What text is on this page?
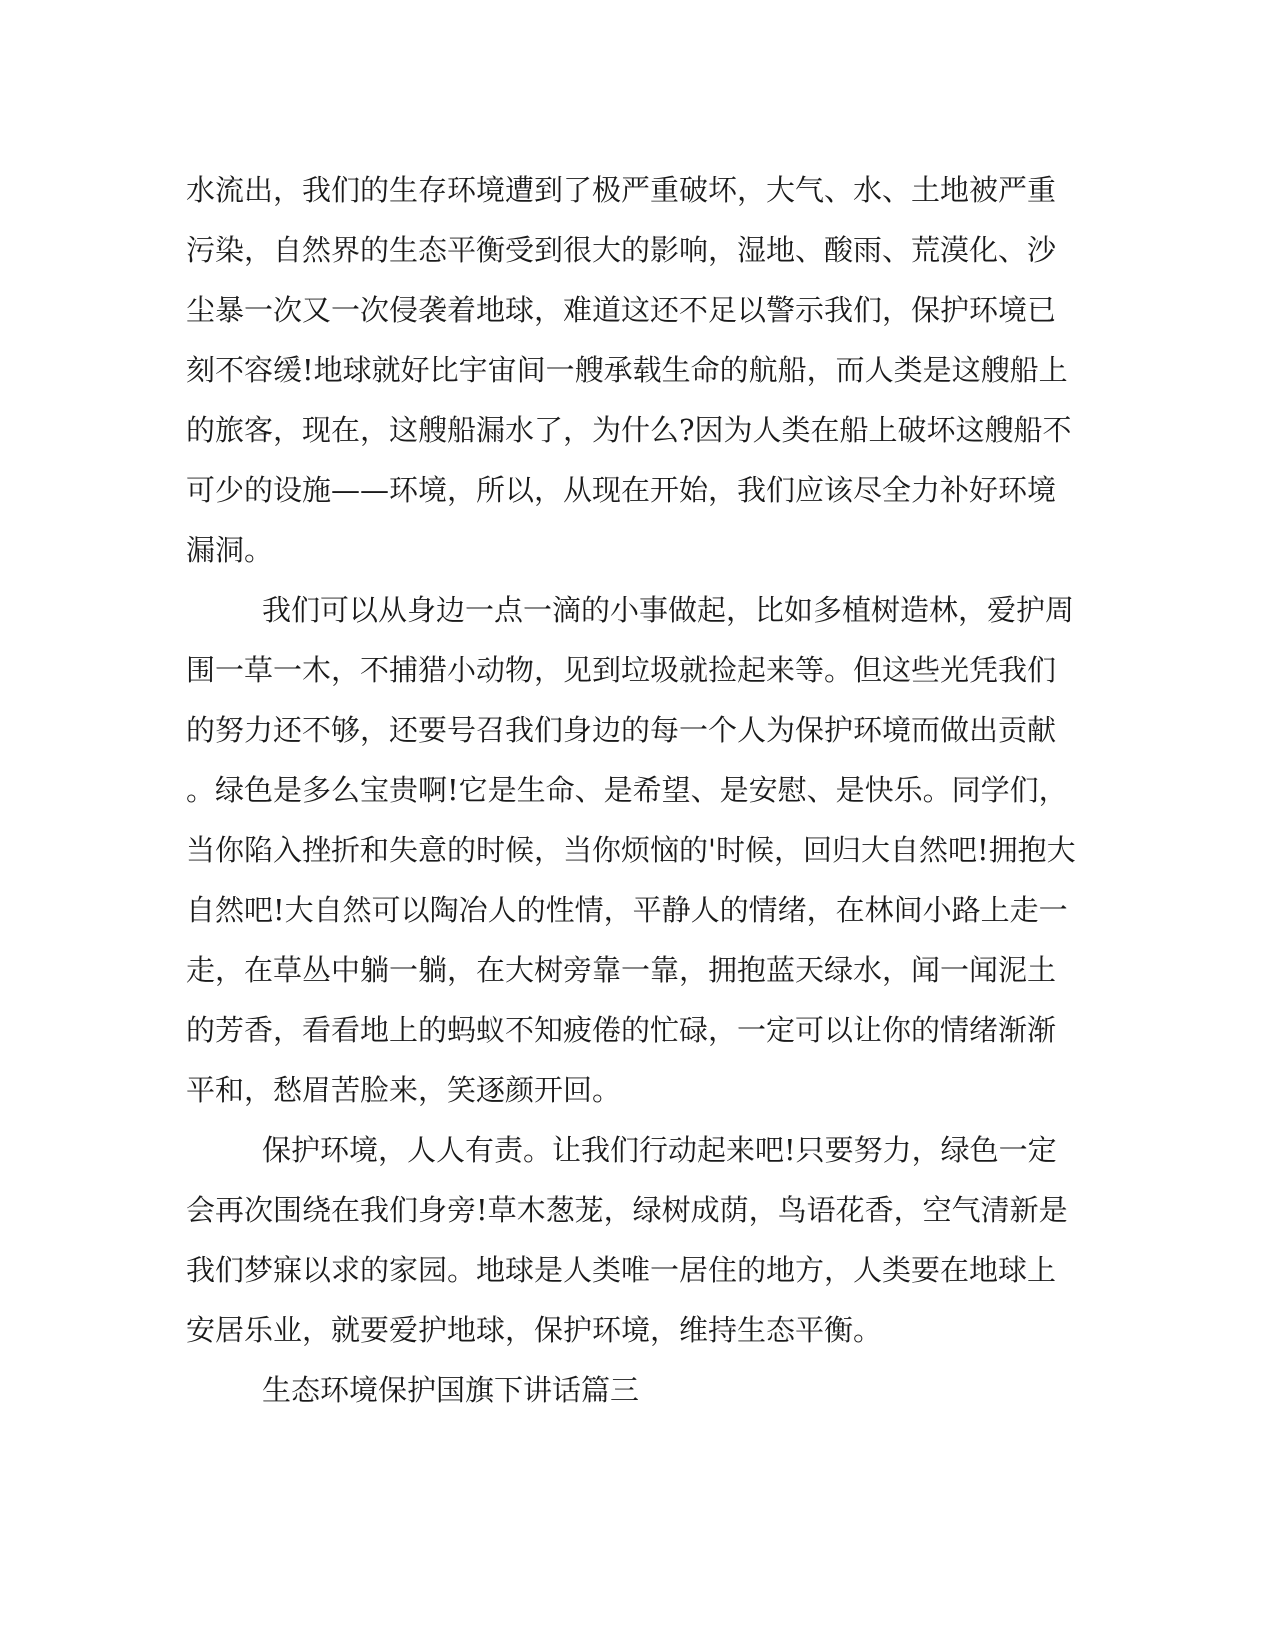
水流出，我们的生存环境遭到了极严重破坏，大气、水、土地被严重
污染，自然界的生态平衡受到很大的影响，湿地、酸雨、荒漠化、沙
尘暴一次又一次侵袭着地球，难道这还不足以警示我们，保护环境已
刻不容缓!地球就好比宇宙间一艘承载生命的航船，而人类是这艘船上
的旅客，现在，这艘船漏水了，为什么?因为人类在船上破坏这艘船不
可少的设施——环境，所以，从现在开始，我们应该尽全力补好环境
漏洞。
我们可以从身边一点一滴的小事做起，比如多植树造林，爱护周
围一草一木，不捕猎小动物，见到垃圾就捡起来等。但这些光凭我们
的努力还不够，还要号召我们身边的每一个人为保护环境而做出贡献
。绿色是多么宝贵啊!它是生命、是希望、是安慰、是快乐。同学们，
当你陷入挫折和失意的时候，当你烦恼的'时候，回归大自然吧!拥抱大
自然吧!大自然可以陶冶人的性情，平静人的情绪，在林间小路上走一
走，在草丛中躺一躺，在大树旁靠一靠，拥抱蓝天绿水，闻一闻泥土
的芳香，看看地上的蚂蚁不知疲倦的忙碌，一定可以让你的情绪渐渐
平和，愁眉苦脸来，笑逐颜开回。
保护环境，人人有责。让我们行动起来吧!只要努力，绿色一定
会再次围绕在我们身旁!草木葱茏，绿树成荫，鸟语花香，空气清新是
我们梦寐以求的家园。地球是人类唯一居住的地方，人类要在地球上
安居乐业，就要爱护地球，保护环境，维持生态平衡。
生态环境保护国旗下讲话篇三
